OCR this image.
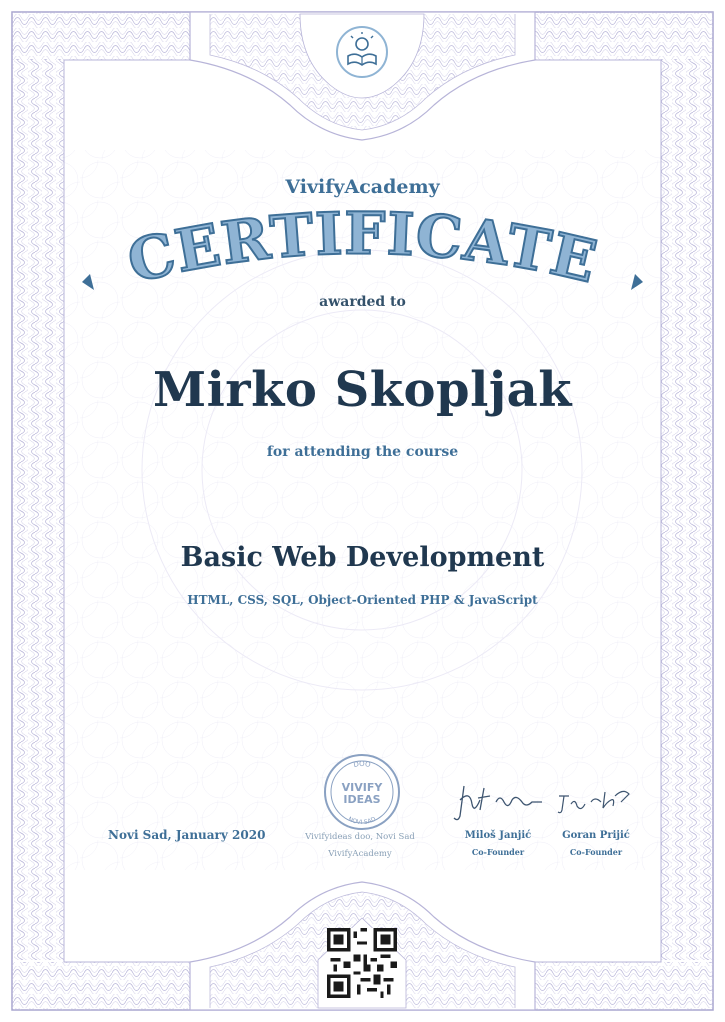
VivifyAcademy
CERTIFICATE
awarded to
Mirko Skopljak
for attending the course
Basic Web Development
HTML, CSS, SQL, Object-Oriented PHP & JavaScript
DOO
VIVIFY
IDEAS
NOVI SAD
Novi Sad, January 2020	Vivifyideas doo, Novi Sad
VivifyAcademy
Miloš Janjić
Co-Founder
Goran Prijić
Co-Founder
